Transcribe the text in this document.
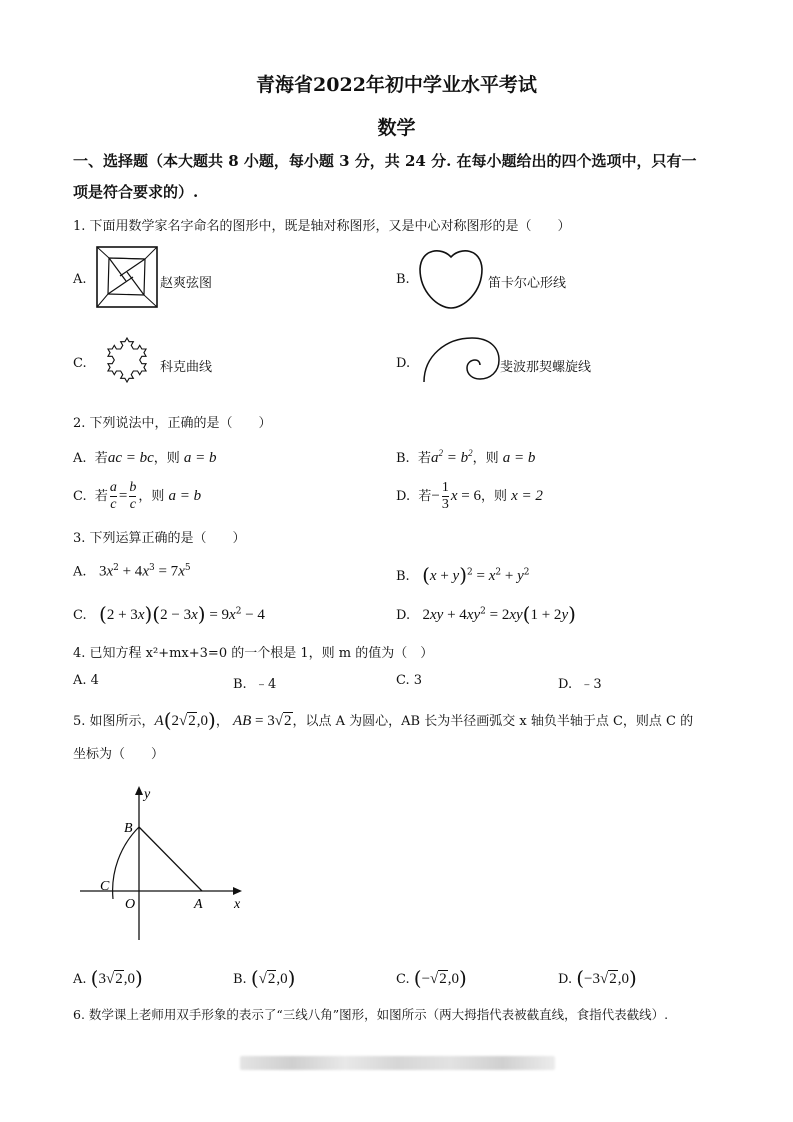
青海省2022年初中学业水平考试
数学
一、选择题（本大题共 8 小题，每小题 3 分，共 24 分. 在每小题给出的四个选项中，只有一
项是符合要求的）.
1. 下面用数学家名字命名的图形中，既是轴对称图形，又是中心对称图形的是（　　）
A.	赵爽弦图	B.	笛卡尔心形线
C.	科克曲线	D.	斐波那契螺旋线
2. 下列说法中，正确的是（　　）
A. 若ac = bc，则 a = b	B. 若$a^2 = b^2$，则 a = b
C. 若 $\frac{a}{c} = \frac{b}{c}$ ，则 a = b	D. 若− $\frac{1}{3}$ x = 6，则 x = 2
3. 下列运算正确的是（　　）
A. $3x^2 + 4x^3 = 7x^5$
B. $(x + y)^2 = x^2 + y^2$
C. $(2 + 3x)(2 - 3x) = 9x^2 - 4$	D. $2xy + 4xy^2 = 2xy(1 + 2y)$
4. 已知方程 x²+mx+3=0 的一个根是 1，则 m 的值为（　）
A. 4	B. ﹣4	C. 3	D. ﹣3
5. 如图所示，A(2√2,0)， AB = 3√2，以点 A 为圆心，AB 长为半径画弧交 x 轴负半轴于点 C，则点 C 的
坐标为（　　）
y
x
O	A
B
C
A. (3√2,0)	B. (√2,0)	C. (−√2,0)	D. (−3√2,0)
6. 数学课上老师用双手形象的表示了“三线八角”图形，如图所示（两大拇指代表被截直线，食指代表截线）.
